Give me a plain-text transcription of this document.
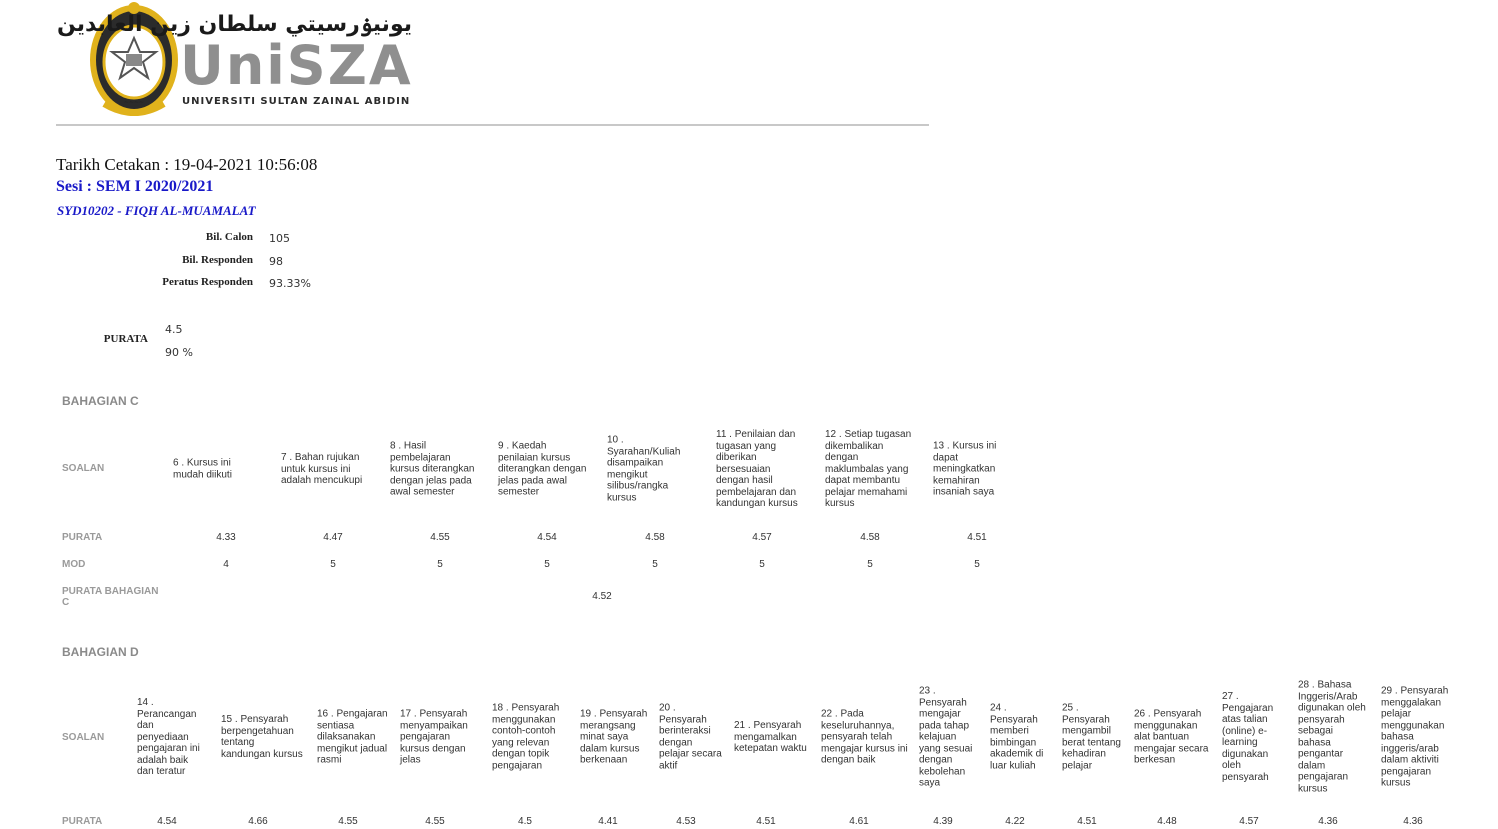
~~~~
يونيۏرسيتي سلطان زين العابدين
UniSZA
UNIVERSITI SULTAN ZAINAL ABIDIN
Tarikh Cetakan : 19-04-2021 10:56:08
Sesi : SEM I 2020/2021
SYD10202 - FIQH AL-MUAMALAT
Bil. Calon 105
Bil. Responden 98
Peratus Responden 93.33%
PURATA
4.5
90 %
BAHAGIAN C
SOALAN
PURATA
MOD
PURATA BAHAGIAN C
4.52
6 . Kursus ini mudah diikuti
4.33
4
7 . Bahan rujukan untuk kursus ini adalah mencukupi
4.47
5
8 . Hasil pembelajaran kursus diterangkan dengan jelas pada awal semester
4.55
5
9 . Kaedah penilaian kursus diterangkan dengan jelas pada awal semester
4.54
5
10 . Syarahan/Kuliah disampaikan mengikut silibus/rangka kursus
4.58
5
11 . Penilaian dan tugasan yang diberikan bersesuaian dengan hasil pembelajaran dan kandungan kursus
4.57
5
12 . Setiap tugasan dikembalikan dengan maklumbalas yang dapat membantu pelajar memahami kursus
4.58
5
13 . Kursus ini dapat meningkatkan kemahiran insaniah saya
4.51
5
BAHAGIAN D
SOALAN
PURATA
14 . Perancangan dan penyediaan pengajaran ini adalah baik dan teratur
4.54
15 . Pensyarah berpengetahuan tentang kandungan kursus
4.66
16 . Pengajaran sentiasa dilaksanakan mengikut jadual rasmi
4.55
17 . Pensyarah menyampaikan pengajaran kursus dengan jelas
4.55
18 . Pensyarah menggunakan contoh-contoh yang relevan dengan topik pengajaran
4.5
19 . Pensyarah merangsang minat saya dalam kursus berkenaan
4.41
20 . Pensyarah berinteraksi dengan pelajar secara aktif
4.53
21 . Pensyarah mengamalkan ketepatan waktu
4.51
22 . Pada keseluruhannya, pensyarah telah mengajar kursus ini dengan baik
4.61
23 . Pensyarah mengajar pada tahap kelajuan yang sesuai dengan kebolehan saya
4.39
24 . Pensyarah memberi bimbingan akademik di luar kuliah
4.22
25 . Pensyarah mengambil berat tentang kehadiran pelajar
4.51
26 . Pensyarah menggunakan alat bantuan mengajar secara berkesan
4.48
27 . Pengajaran atas talian (online) e-learning digunakan oleh pensyarah
4.57
28 . Bahasa Inggeris/Arab digunakan oleh pensyarah sebagai bahasa pengantar dalam pengajaran kursus
4.36
29 . Pensyarah menggalakan pelajar menggunakan bahasa inggeris/arab dalam aktiviti pengajaran kursus
4.36
